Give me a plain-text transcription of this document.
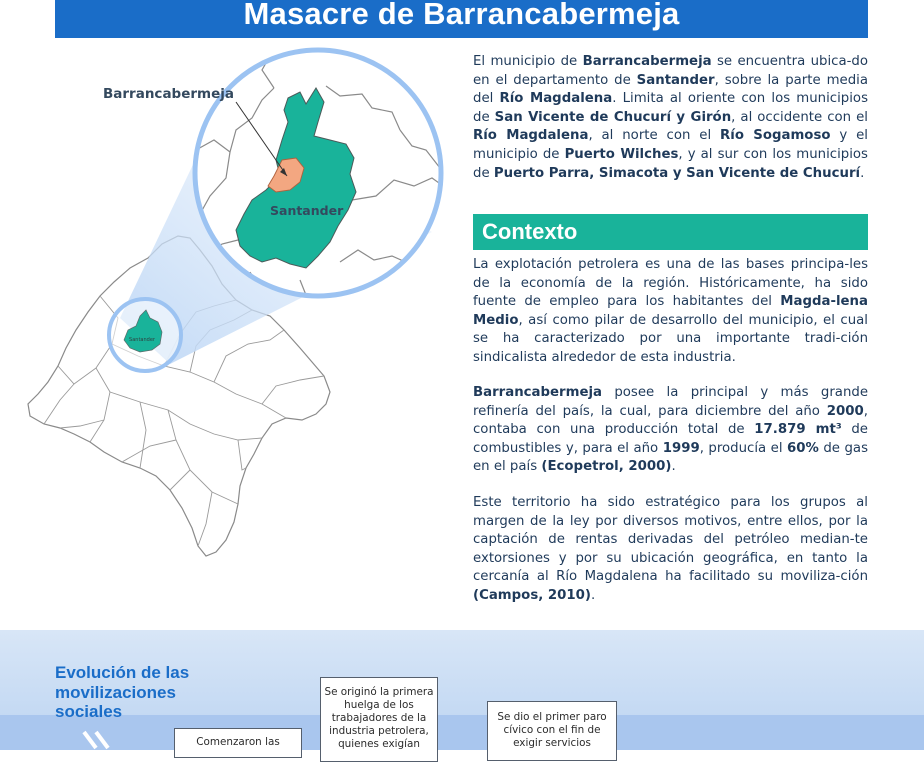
Masacre de Barrancabermeja
Santander
Barrancabermeja
Santander

El municipio de Barrancabermeja se encuentra ubica-do en el departamento de Santander, sobre la parte media del Río Magdalena. Limita al oriente con los municipios de San Vicente de Chucurí y Girón, al occidente con el Río Magdalena, al norte con el Río Sogamoso y el municipio de Puerto Wilches, y al sur con los municipios de Puerto Parra, Simacota y San Vicente de Chucurí.

Contexto

La explotación petrolera es una de las bases principa-les de la economía de la región. Históricamente, ha sido fuente de empleo para los habitantes del Magda-lena Medio, así como pilar de desarrollo del municipio, el cual se ha caracterizado por una importante tradi-ción sindicalista alrededor de esta industria.

Barrancabermeja posee la principal y más grande refinería del país, la cual, para diciembre del año 2000, contaba con una producción total de 17.879 mt³ de combustibles y, para el año 1999, producía el 60% de gas en el país (Ecopetrol, 2000).

Este territorio ha sido estratégico para los grupos al margen de la ley por diversos motivos, entre ellos, por la captación de rentas derivadas del petróleo median-te extorsiones y por su ubicación geográfica, en tanto la cercanía al Río Magdalena ha facilitado su moviliza-ción (Campos, 2010).

Evolución de las
movilizaciones
sociales
Comenzaron las
Se originó la primera huelga de los trabajadores de la industria petrolera, quienes exigían
Se dio el primer paro cívico con el fin de exigir servicios
